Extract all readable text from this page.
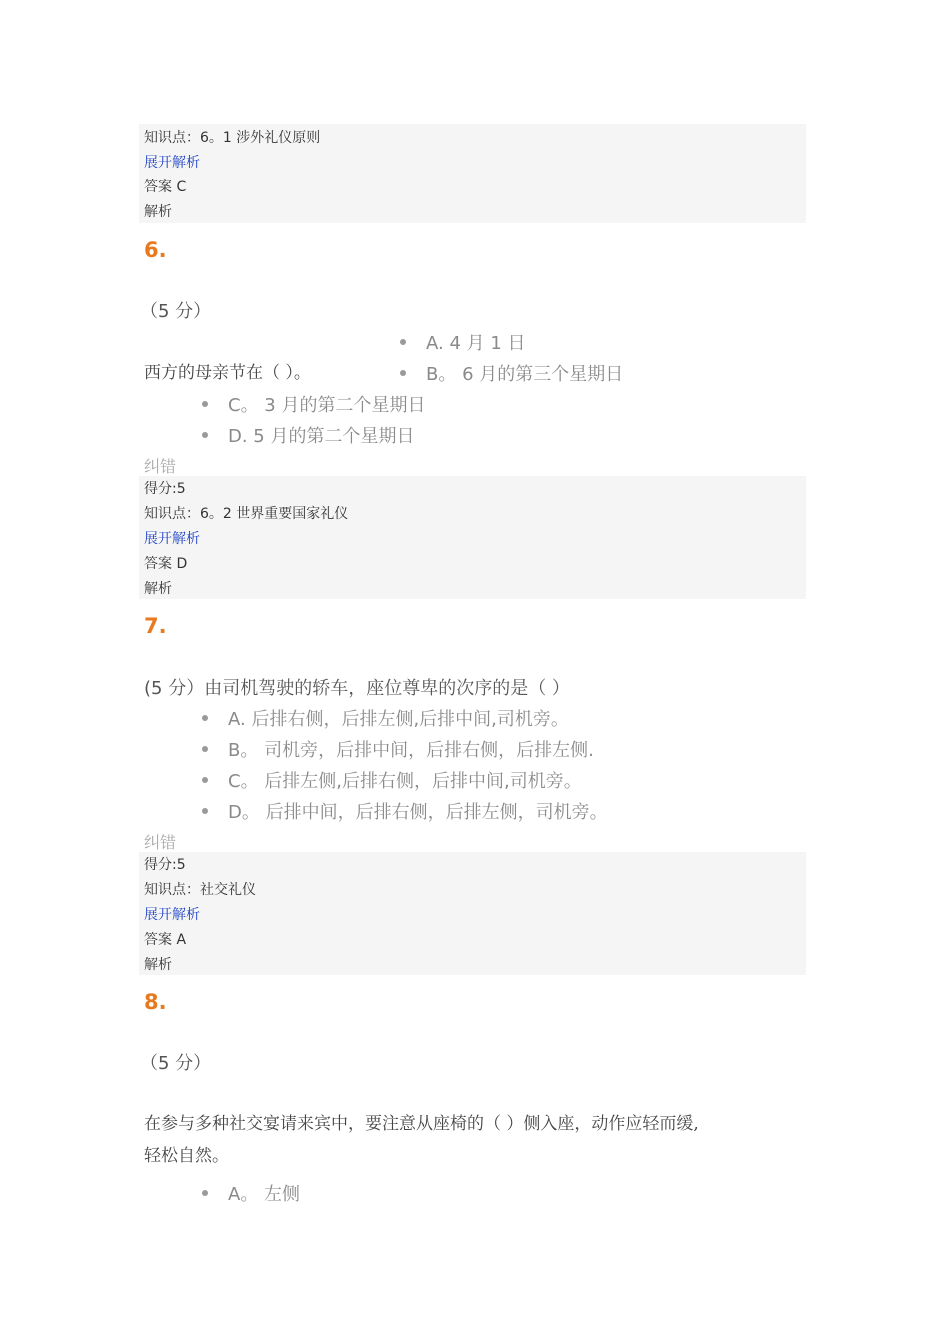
知识点：6。1 涉外礼仪原则
展开解析
答案 C
解析
6.
（5 分）
西方的母亲节在（ ）。
A. 4 月 1 日
B。 6 月的第三个星期日
C。 3 月的第二个星期日
D. 5 月的第二个星期日
纠错
得分:5
知识点：6。2 世界重要国家礼仪
展开解析
答案 D
解析
7.
(5 分）由司机驾驶的轿车，座位尊卑的次序的是（ ）
A. 后排右侧，后排左侧,后排中间,司机旁。
B。 司机旁，后排中间，后排右侧，后排左侧.
C。 后排左侧,后排右侧，后排中间,司机旁。
D。 后排中间，后排右侧，后排左侧，司机旁。
纠错
得分:5
知识点：社交礼仪
展开解析
答案 A
解析
8.
（5 分）
在参与多种社交宴请来宾中，要注意从座椅的（ ）侧入座，动作应轻而缓,
轻松自然。
A。 左侧
